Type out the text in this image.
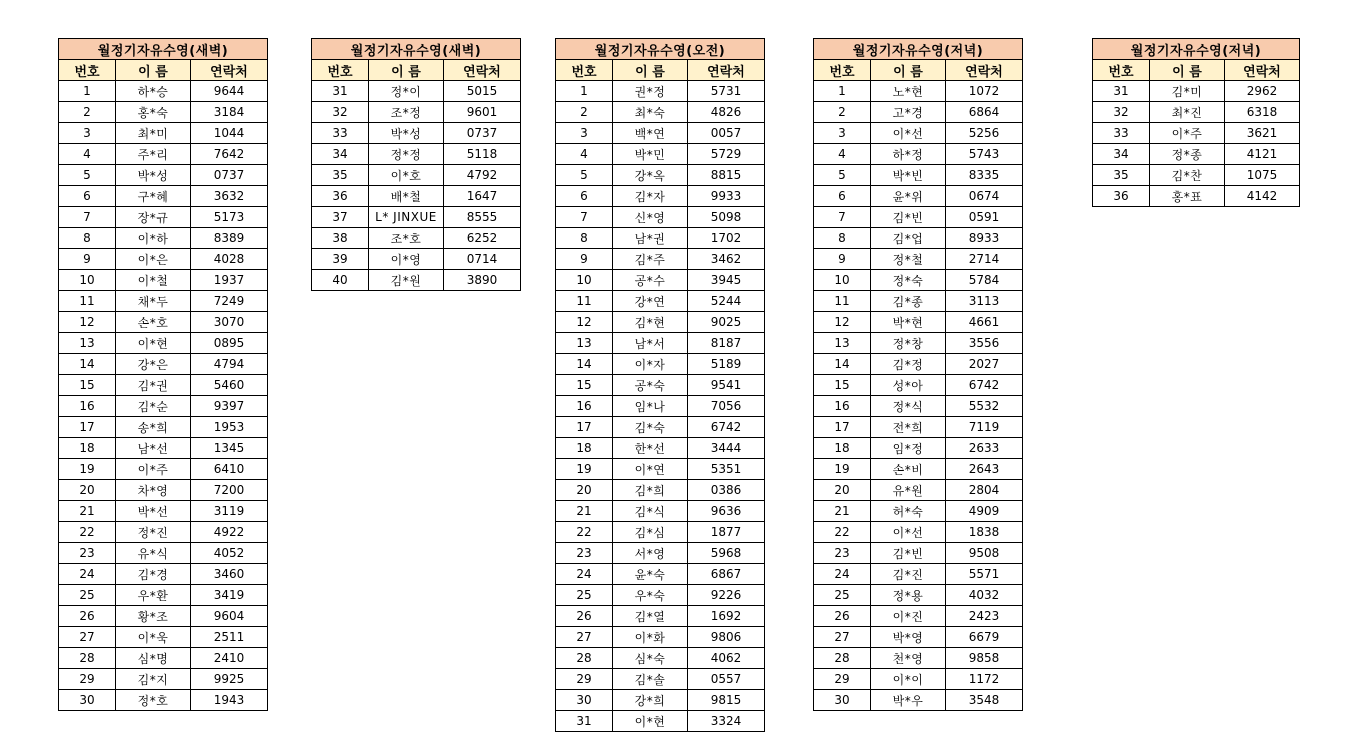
월정기자유수영(새벽)		
번호	이 름	연락처
1	하*승	9644
2	홍*숙	3184
3	최*미	1044
4	주*리	7642
5	박*성	0737
6	구*혜	3632
7	장*규	5173
8	이*하	8389
9	이*은	4028
10	이*철	1937
11	채*두	7249
12	손*호	3070
13	이*현	0895
14	강*은	4794
15	김*권	5460
16	김*순	9397
17	송*희	1953
18	남*선	1345
19	이*주	6410
20	차*영	7200
21	박*선	3119
22	정*진	4922
23	유*식	4052
24	김*경	3460
25	우*환	3419
26	황*조	9604
27	이*욱	2511
28	심*명	2410
29	김*지	9925
30	정*호	1943
월정기자유수영(새벽)		
번호	이 름	연락처
31	정*이	5015
32	조*정	9601
33	박*성	0737
34	정*정	5118
35	이*호	4792
36	배*철	1647
37	L* JINXUE	8555
38	조*호	6252
39	이*영	0714
40	김*원	3890
월정기자유수영(오전)		
번호	이 름	연락처
1	권*정	5731
2	최*숙	4826
3	백*연	0057
4	박*민	5729
5	강*옥	8815
6	김*자	9933
7	신*영	5098
8	남*권	1702
9	김*주	3462
10	공*수	3945
11	강*연	5244
12	김*현	9025
13	남*서	8187
14	이*자	5189
15	공*숙	9541
16	임*나	7056
17	김*숙	6742
18	한*선	3444
19	이*연	5351
20	김*희	0386
21	김*식	9636
22	김*심	1877
23	서*영	5968
24	윤*숙	6867
25	우*숙	9226
26	김*열	1692
27	이*화	9806
28	심*숙	4062
29	김*솔	0557
30	강*희	9815
31	이*현	3324
월정기자유수영(저녁)		
번호	이 름	연락처
1	노*현	1072
2	고*경	6864
3	이*선	5256
4	하*정	5743
5	박*빈	8335
6	윤*위	0674
7	김*빈	0591
8	김*업	8933
9	정*철	2714
10	정*숙	5784
11	김*종	3113
12	박*현	4661
13	정*창	3556
14	김*정	2027
15	성*아	6742
16	정*식	5532
17	전*희	7119
18	임*정	2633
19	손*비	2643
20	유*원	2804
21	허*숙	4909
22	이*선	1838
23	김*빈	9508
24	김*진	5571
25	정*용	4032
26	이*진	2423
27	박*영	6679
28	천*영	9858
29	이*이	1172
30	박*우	3548
월정기자유수영(저녁)		
번호	이 름	연락처
31	김*미	2962
32	최*진	6318
33	이*주	3621
34	정*종	4121
35	김*찬	1075
36	홍*표	4142
